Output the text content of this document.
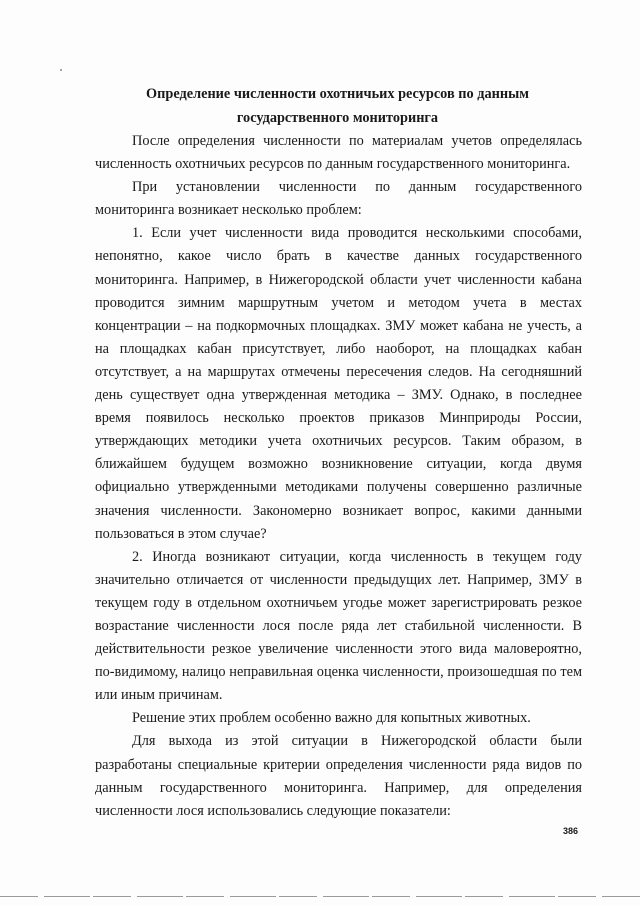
Определение численности охотничьих ресурсов по данным
государственного мониторинга

После определения численности по материалам учетов определялась численность охотничьих ресурсов по данным государственного мониторинга.

При установлении численности по данным государственного мониторинга возникает несколько проблем:

1. Если учет численности вида проводится несколькими способами, непонятно, какое число брать в качестве данных государственного мониторинга. Например, в Нижегородской области учет численности кабана проводится зимним маршрутным учетом и методом учета в местах концентрации – на подкормочных площадках. ЗМУ может кабана не учесть, а на площадках кабан присутствует, либо наоборот, на площадках кабан отсутствует, а на маршрутах отмечены пересечения следов. На сегодняшний день существует одна утвержденная методика – ЗМУ. Однако, в последнее время появилось несколько проектов приказов Минприроды России, утверждающих методики учета охотничьих ресурсов. Таким образом, в ближайшем будущем возможно возникновение ситуации, когда двумя официально утвержденными методиками получены совершенно различные значения численности. Закономерно возникает вопрос, какими данными пользоваться в этом случае?

2. Иногда возникают ситуации, когда численность в текущем году значительно отличается от численности предыдущих лет. Например, ЗМУ в текущем году в отдельном охотничьем угодье может зарегистрировать резкое возрастание численности лося после ряда лет стабильной численности. В действительности резкое увеличение численности этого вида маловероятно, по-видимому, налицо неправильная оценка численности, произошедшая по тем или иным причинам.

Решение этих проблем особенно важно для копытных животных.

Для выхода из этой ситуации в Нижегородской области были разработаны специальные критерии определения численности ряда видов по данным государственного мониторинга. Например, для определения численности лося использовались следующие показатели:

386
